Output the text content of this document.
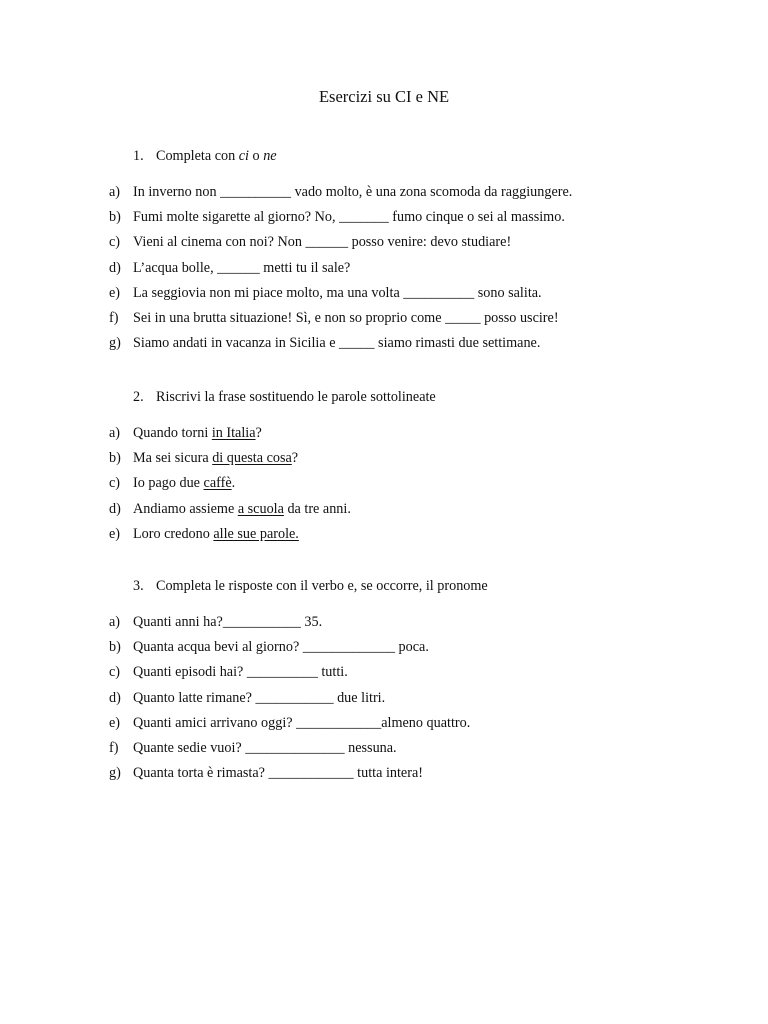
Esercizi su CI e NE
1. Completa con ci o ne
a) In inverno non __________ vado molto, è una zona scomoda da raggiungere.
b) Fumi molte sigarette al giorno? No, _______ fumo cinque o sei al massimo.
c) Vieni al cinema con noi? Non ______ posso venire: devo studiare!
d) L’acqua bolle, ______ metti tu il sale?
e) La seggiovia non mi piace molto, ma una volta __________ sono salita.
f) Sei in una brutta situazione! Sì, e non so proprio come _____ posso uscire!
g) Siamo andati in vacanza in Sicilia e _____ siamo rimasti due settimane.
2. Riscrivi la frase sostituendo le parole sottolineate
a) Quando torni in Italia?
b) Ma sei sicura di questa cosa?
c) Io pago due caffè.
d) Andiamo assieme a scuola da tre anni.
e) Loro credono alle sue parole.
3. Completa le risposte con il verbo e, se occorre, il pronome
a) Quanti anni ha?___________ 35.
b) Quanta acqua bevi al giorno? _____________ poca.
c) Quanti episodi hai? __________ tutti.
d) Quanto latte rimane? ___________ due litri.
e) Quanti amici arrivano oggi? ____________almeno quattro.
f) Quante sedie vuoi? ______________ nessuna.
g) Quanta torta è rimasta? ____________ tutta intera!
